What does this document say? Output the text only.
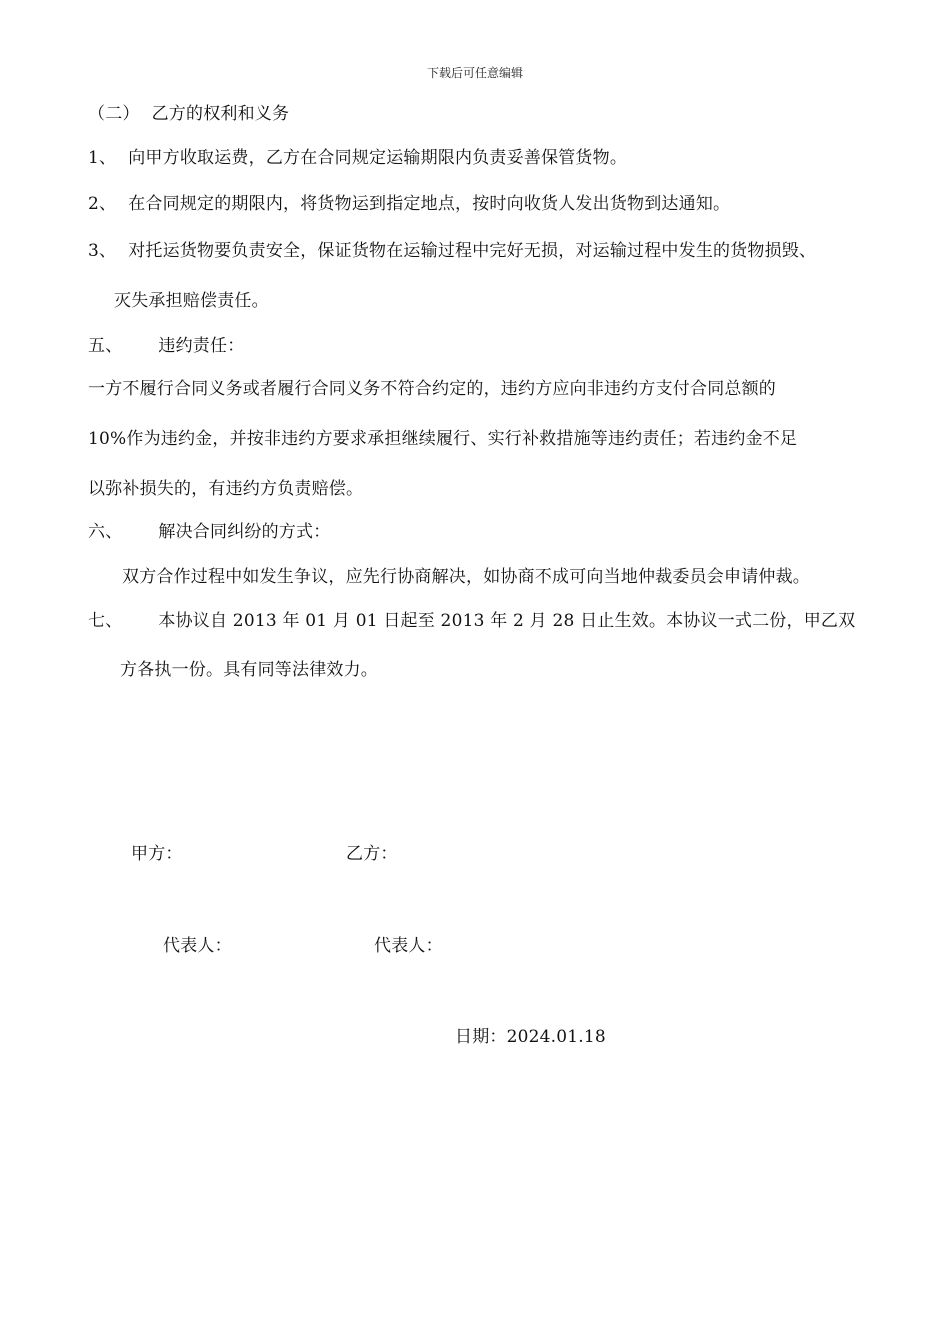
下载后可任意编辑
（二） 乙方的权利和义务
1、 向甲方收取运费，乙方在合同规定运输期限内负责妥善保管货物。
2、 在合同规定的期限内，将货物运到指定地点，按时向收货人发出货物到达通知。
3、 对托运货物要负责安全，保证货物在运输过程中完好无损，对运输过程中发生的货物损毁、
灭失承担赔偿责任。
五、 违约责任：
一方不履行合同义务或者履行合同义务不符合约定的，违约方应向非违约方支付合同总额的
10%作为违约金，并按非违约方要求承担继续履行、实行补救措施等违约责任；若违约金不足
以弥补损失的，有违约方负责赔偿。
六、 解决合同纠纷的方式：
双方合作过程中如发生争议，应先行协商解决，如协商不成可向当地仲裁委员会申请仲裁。
七、 本协议自 2013 年 01 月 01 日起至 2013 年 2 月 28 日止生效。本协议一式二份，甲乙双
方各执一份。具有同等法律效力。
甲方：	乙方：
代表人：	代表人：
日期：2024.01.18
